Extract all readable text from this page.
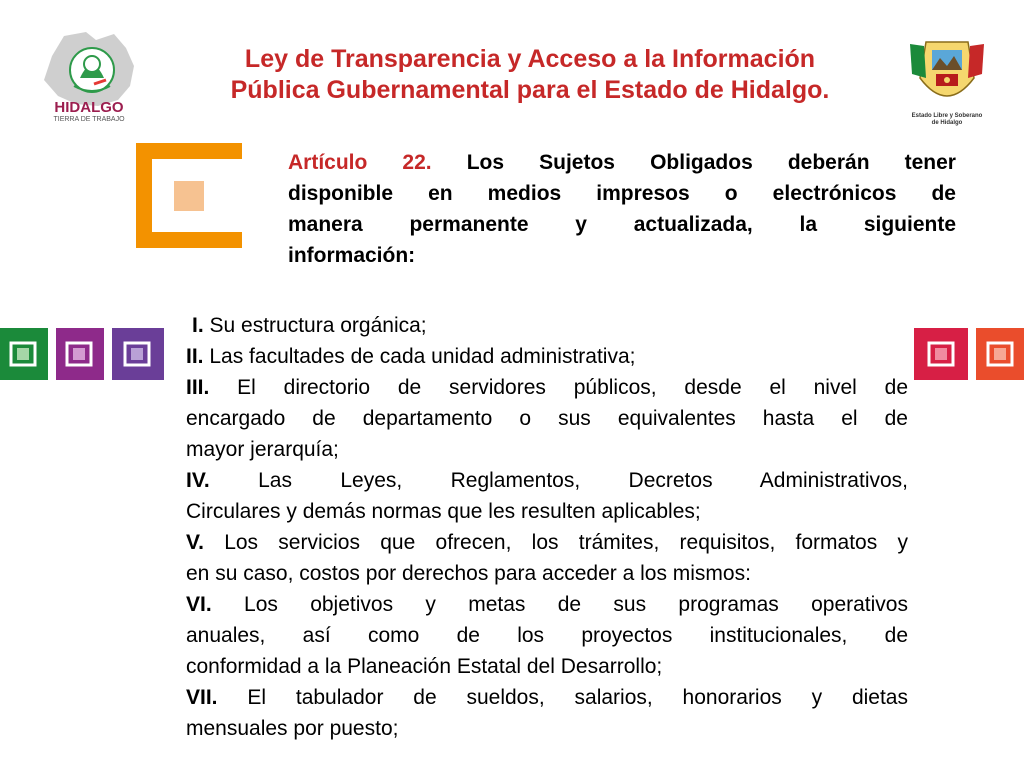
HIDALGO
TIERRA DE TRABAJO
Ley de Transparencia y Acceso a la Información
Pública Gubernamental para el Estado de Hidalgo.
Estado Libre y Soberano
de Hidalgo
Artículo 22. Los Sujetos Obligados deberán tener
disponible en medios impresos o electrónicos de
manera permanente y actualizada, la siguiente
información:

I. Su estructura orgánica;

II. Las facultades de cada unidad administrativa;

III. El directorio de servidores públicos, desde el nivel de

encargado de departamento o sus equivalentes hasta el de

mayor jerarquía;

IV. Las Leyes, Reglamentos, Decretos Administrativos,

Circulares y demás normas que les resulten aplicables;

V. Los servicios que ofrecen, los trámites, requisitos, formatos y

en su caso, costos por derechos para acceder a los mismos:

VI. Los objetivos y metas de sus programas operativos

anuales, así como de los proyectos institucionales, de

conformidad a la Planeación Estatal del Desarrollo;

VII. El tabulador de sueldos, salarios, honorarios y dietas

mensuales por puesto;
